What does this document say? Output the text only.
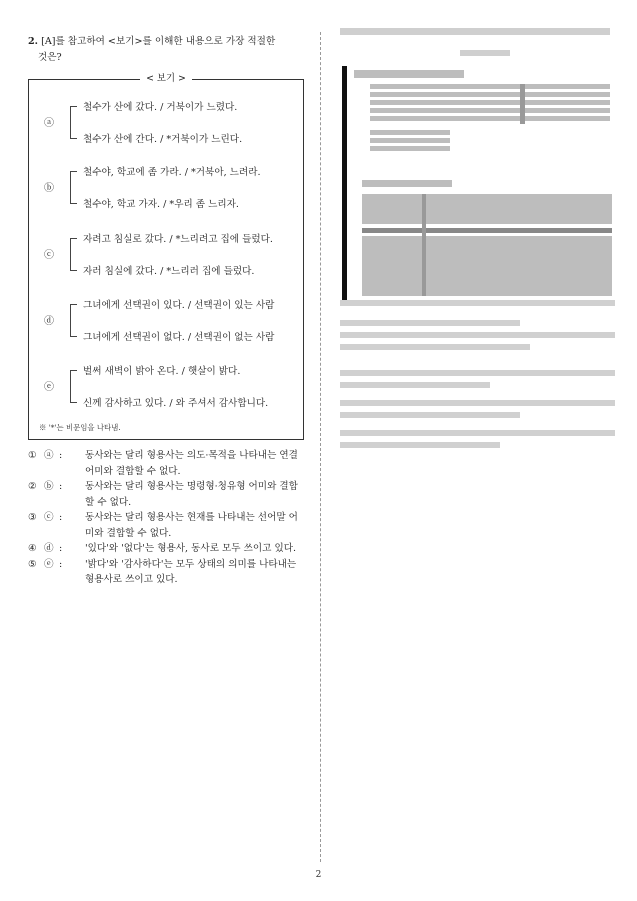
2. [A]를 참고하여 <보기>를 이해한 내용으로 가장 적절한
것은?
< 보기 >
ⓐ
철수가 산에 갔다. / 거북이가 느렸다.
철수가 산에 간다. / *거북이가 느린다.
ⓑ
철수야, 학교에 좀 가라. / *거북아, 느려라.
철수야, 학교 가자. / *우리 좀 느리자.
ⓒ
자려고 침실로 갔다. / *느리려고 집에 들렀다.
자러 침실에 갔다. / *느리러 집에 들렀다.
ⓓ
그녀에게 선택권이 있다. / 선택권이 있는 사람
그녀에게 선택권이 없다. / 선택권이 없는 사람
ⓔ
벌써 새벽이 밝아 온다. / 햇살이 밝다.
신께 감사하고 있다. / 와 주셔서 감사합니다.
※ '*'는 비문임을 나타냄.
① ⓐ : 동사와는 달리 형용사는 의도·목적을 나타내는 연결 어미와 결합할 수 없다.
② ⓑ : 동사와는 달리 형용사는 명령형·청유형 어미와 결합할 수 없다.
③ ⓒ : 동사와는 달리 형용사는 현재를 나타내는 선어말 어미와 결합할 수 없다.
④ ⓓ : '있다'와 '없다'는 형용사, 동사로 모두 쓰이고 있다.
⑤ ⓔ : '밝다'와 '감사하다'는 모두 상태의 의미를 나타내는 형용사로 쓰이고 있다.
2
